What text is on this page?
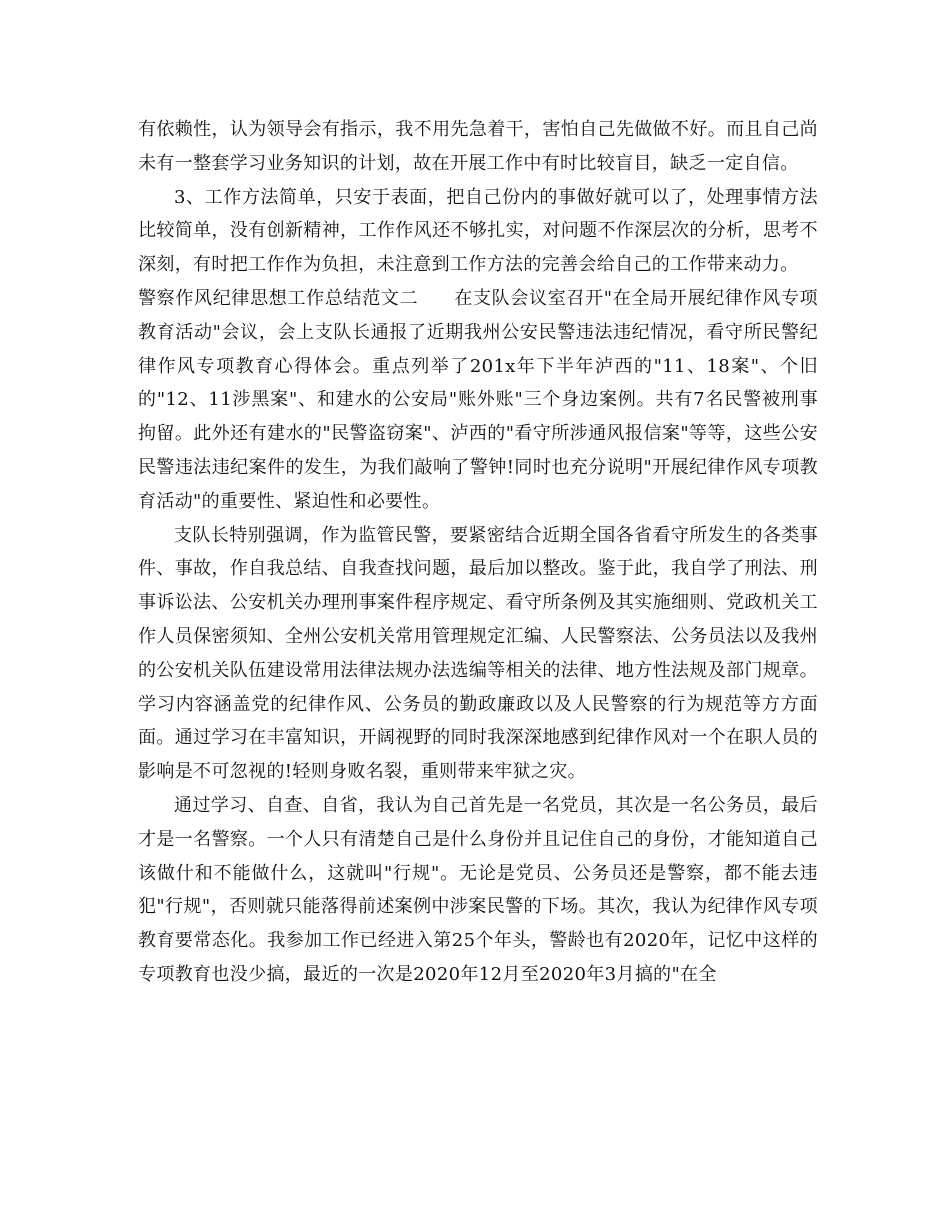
有依赖性，认为领导会有指示，我不用先急着干，害怕自己先做做不好。而且自己尚未有一整套学习业务知识的计划，故在开展工作中有时比较盲目，缺乏一定自信。

3、工作方法简单，只安于表面，把自己份内的事做好就可以了，处理事情方法比较简单，没有创新精神，工作作风还不够扎实，对问题不作深层次的分析，思考不深刻，有时把工作作为负担，未注意到工作方法的完善会给自己的工作带来动力。

警察作风纪律思想工作总结范文二 在支队会议室召开"在全局开展纪律作风专项教育活动"会议，会上支队长通报了近期我州公安民警违法违纪情况，看守所民警纪律作风专项教育心得体会。重点列举了201x年下半年泸西的"11、18案"、个旧的"12、11涉黑案"、和建水的公安局"账外账"三个身边案例。共有7名民警被刑事拘留。此外还有建水的"民警盗窃案"、泸西的"看守所涉通风报信案"等等，这些公安民警违法违纪案件的发生，为我们敲响了警钟!同时也充分说明"开展纪律作风专项教育活动"的重要性、紧迫性和必要性。

支队长特别强调，作为监管民警，要紧密结合近期全国各省看守所发生的各类事件、事故，作自我总结、自我查找问题，最后加以整改。鉴于此，我自学了刑法、刑事诉讼法、公安机关办理刑事案件程序规定、看守所条例及其实施细则、党政机关工作人员保密须知、全州公安机关常用管理规定汇编、人民警察法、公务员法以及我州的公安机关队伍建设常用法律法规办法选编等相关的法律、地方性法规及部门规章。学习内容涵盖党的纪律作风、公务员的勤政廉政以及人民警察的行为规范等方方面面。通过学习在丰富知识，开阔视野的同时我深深地感到纪律作风对一个在职人员的影响是不可忽视的!轻则身败名裂，重则带来牢狱之灾。

通过学习、自查、自省，我认为自己首先是一名党员，其次是一名公务员，最后才是一名警察。一个人只有清楚自己是什么身份并且记住自己的身份，才能知道自己该做什和不能做什么，这就叫"行规"。无论是党员、公务员还是警察，都不能去违犯"行规"，否则就只能落得前述案例中涉案民警的下场。其次，我认为纪律作风专项教育要常态化。我参加工作已经进入第25个年头，警龄也有2020年，记忆中这样的专项教育也没少搞，最近的一次是2020年12月至2020年3月搞的"在全
